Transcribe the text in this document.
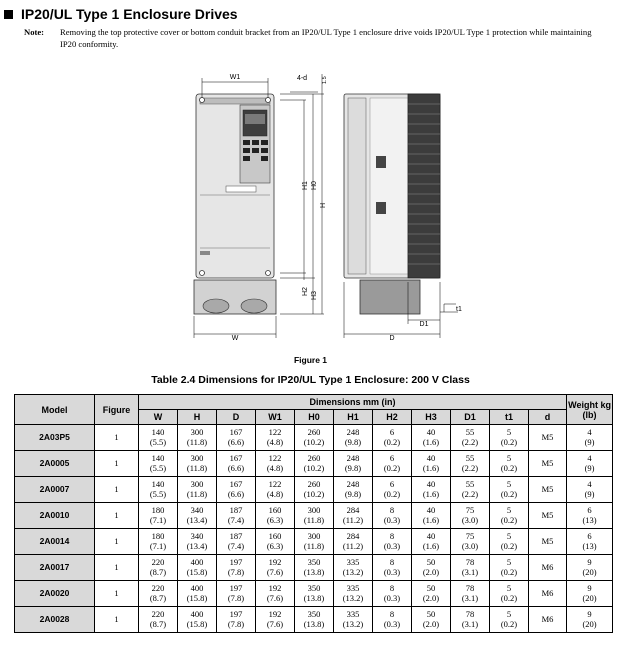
IP20/UL Type 1 Enclosure Drives
Note:	Removing the top protective cover or bottom conduit bracket from an IP20/UL Type 1 enclosure drive voids IP20/UL Type 1 protection while maintaining IP20 conformity.
W1	4-d	1.5
H1 H0
H
H2 H3
W	D
D1
t1
Figure 1
Table 2.4 Dimensions for IP20/UL Type 1 Enclosure: 200 V Class
Model	Figure	Dimensions mm (in)											Weight kg (lb)
		W	H	D	W1	H0	H1	H2	H3	D1	t1	d	
2A03P5	1	140
(5.5)	300
(11.8)	167
(6.6)	122
(4.8)	260
(10.2)	248
(9.8)	6
(0.2)	40
(1.6)	55
(2.2)	5
(0.2)	M5	4
(9)

2A0005	1	140
(5.5)	300
(11.8)	167
(6.6)	122
(4.8)	260
(10.2)	248
(9.8)	6
(0.2)	40
(1.6)	55
(2.2)	5
(0.2)	M5	4
(9)

2A0007	1	140
(5.5)	300
(11.8)	167
(6.6)	122
(4.8)	260
(10.2)	248
(9.8)	6
(0.2)	40
(1.6)	55
(2.2)	5
(0.2)	M5	4
(9)

2A0010	1	180
(7.1)	340
(13.4)	187
(7.4)	160
(6.3)	300
(11.8)	284
(11.2)	8
(0.3)	40
(1.6)	75
(3.0)	5
(0.2)	M5	6
(13)

2A0014	1	180
(7.1)	340
(13.4)	187
(7.4)	160
(6.3)	300
(11.8)	284
(11.2)	8
(0.3)	40
(1.6)	75
(3.0)	5
(0.2)	M5	6
(13)

2A0017	1	220
(8.7)	400
(15.8)	197
(7.8)	192
(7.6)	350
(13.8)	335
(13.2)	8
(0.3)	50
(2.0)	78
(3.1)	5
(0.2)	M6	9
(20)

2A0020	1	220
(8.7)	400
(15.8)	197
(7.8)	192
(7.6)	350
(13.8)	335
(13.2)	8
(0.3)	50
(2.0)	78
(3.1)	5
(0.2)	M6	9
(20)

2A0028	1	220
(8.7)	400
(15.8)	197
(7.8)	192
(7.6)	350
(13.8)	335
(13.2)	8
(0.3)	50
(2.0)	78
(3.1)	5
(0.2)	M6	9
(20)
